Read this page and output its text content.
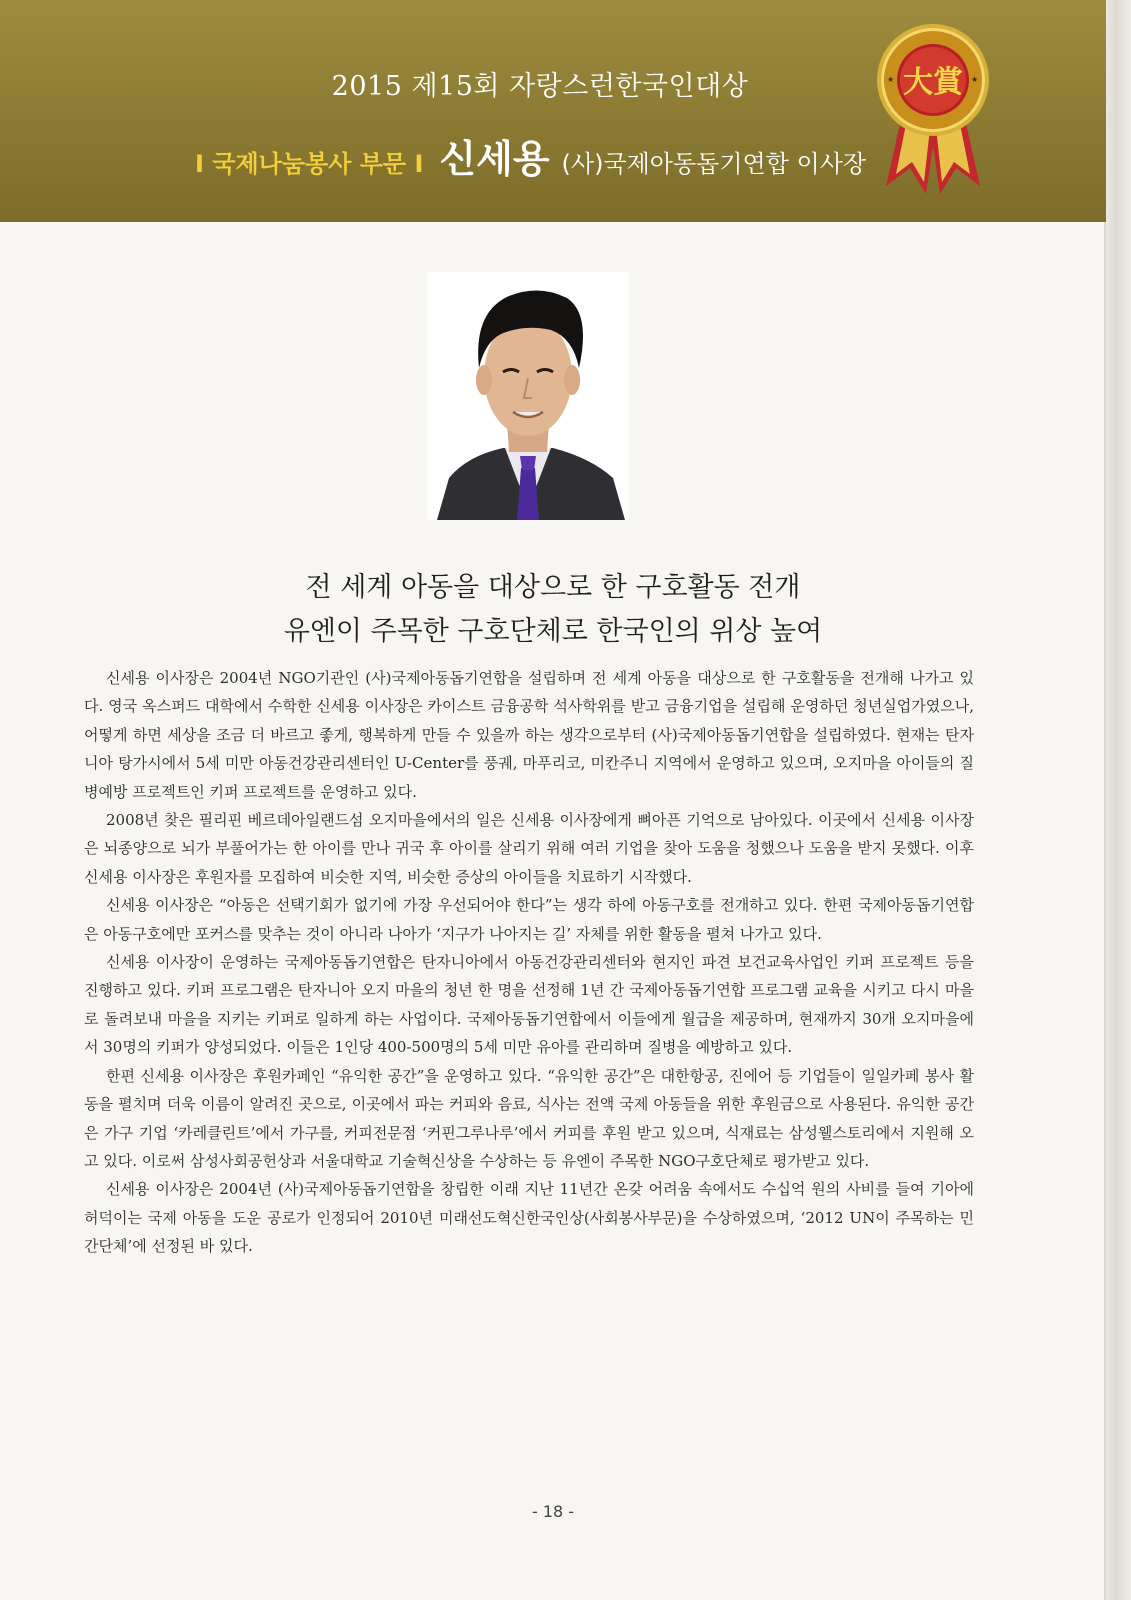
2015 제15회 자랑스런한국인대상
I 국제나눔봉사 부문 I 신세용 (사)국제아동돕기연합 이사장
大賞
★	★
전 세계 아동을 대상으로 한 구호활동 전개
유엔이 주목한 구호단체로 한국인의 위상 높여

신세용 이사장은 2004년 NGO기관인 (사)국제아동돕기연합을 설립하며 전 세계 아동을 대상으로 한 구호활동을 전개해 나가고 있다. 영국 옥스퍼드 대학에서 수학한 신세용 이사장은 카이스트 금융공학 석사학위를 받고 금융기업을 설립해 운영하던 청년실업가였으나, 어떻게 하면 세상을 조금 더 바르고 좋게, 행복하게 만들 수 있을까 하는 생각으로부터 (사)국제아동돕기연합을 설립하였다. 현재는 탄자니아 탕가시에서 5세 미만 아동건강관리센터인 U-Center를 풍궤, 마푸리코, 미칸주니 지역에서 운영하고 있으며, 오지마을 아이들의 질병예방 프로젝트인 키퍼 프로젝트를 운영하고 있다.

2008년 찾은 필리핀 베르데아일랜드섬 오지마을에서의 일은 신세용 이사장에게 뼈아픈 기억으로 남아있다. 이곳에서 신세용 이사장은 뇌종양으로 뇌가 부풀어가는 한 아이를 만나 귀국 후 아이를 살리기 위해 여러 기업을 찾아 도움을 청했으나 도움을 받지 못했다. 이후 신세용 이사장은 후원자를 모집하여 비슷한 지역, 비슷한 증상의 아이들을 치료하기 시작했다.

신세용 이사장은 “아동은 선택기회가 없기에 가장 우선되어야 한다”는 생각 하에 아동구호를 전개하고 있다. 한편 국제아동돕기연합은 아동구호에만 포커스를 맞추는 것이 아니라 나아가 ‘지구가 나아지는 길’ 자체를 위한 활동을 펼쳐 나가고 있다.

신세용 이사장이 운영하는 국제아동돕기연합은 탄자니아에서 아동건강관리센터와 현지인 파견 보건교육사업인 키퍼 프로젝트 등을 진행하고 있다. 키퍼 프로그램은 탄자니아 오지 마을의 청년 한 명을 선정해 1년 간 국제아동돕기연합 프로그램 교육을 시키고 다시 마을로 돌려보내 마을을 지키는 키퍼로 일하게 하는 사업이다. 국제아동돕기연합에서 이들에게 월급을 제공하며, 현재까지 30개 오지마을에서 30명의 키퍼가 양성되었다. 이들은 1인당 400-500명의 5세 미만 유아를 관리하며 질병을 예방하고 있다.

한편 신세용 이사장은 후원카페인 “유익한 공간”을 운영하고 있다. “유익한 공간”은 대한항공, 진에어 등 기업들이 일일카페 봉사 활동을 펼치며 더욱 이름이 알려진 곳으로, 이곳에서 파는 커피와 음료, 식사는 전액 국제 아동들을 위한 후원금으로 사용된다. 유익한 공간은 가구 기업 ‘카레클린트’에서 가구를, 커피전문점 ‘커핀그루나루’에서 커피를 후원 받고 있으며, 식재료는 삼성웰스토리에서 지원해 오고 있다. 이로써 삼성사회공헌상과 서울대학교 기술혁신상을 수상하는 등 유엔이 주목한 NGO구호단체로 평가받고 있다.

신세용 이사장은 2004년 (사)국제아동돕기연합을 창립한 이래 지난 11년간 온갖 어려움 속에서도 수십억 원의 사비를 들여 기아에 허덕이는 국제 아동을 도운 공로가 인정되어 2010년 미래선도혁신한국인상(사회봉사부문)을 수상하였으며, ‘2012 UN이 주목하는 민간단체’에 선정된 바 있다.

- 18 -
